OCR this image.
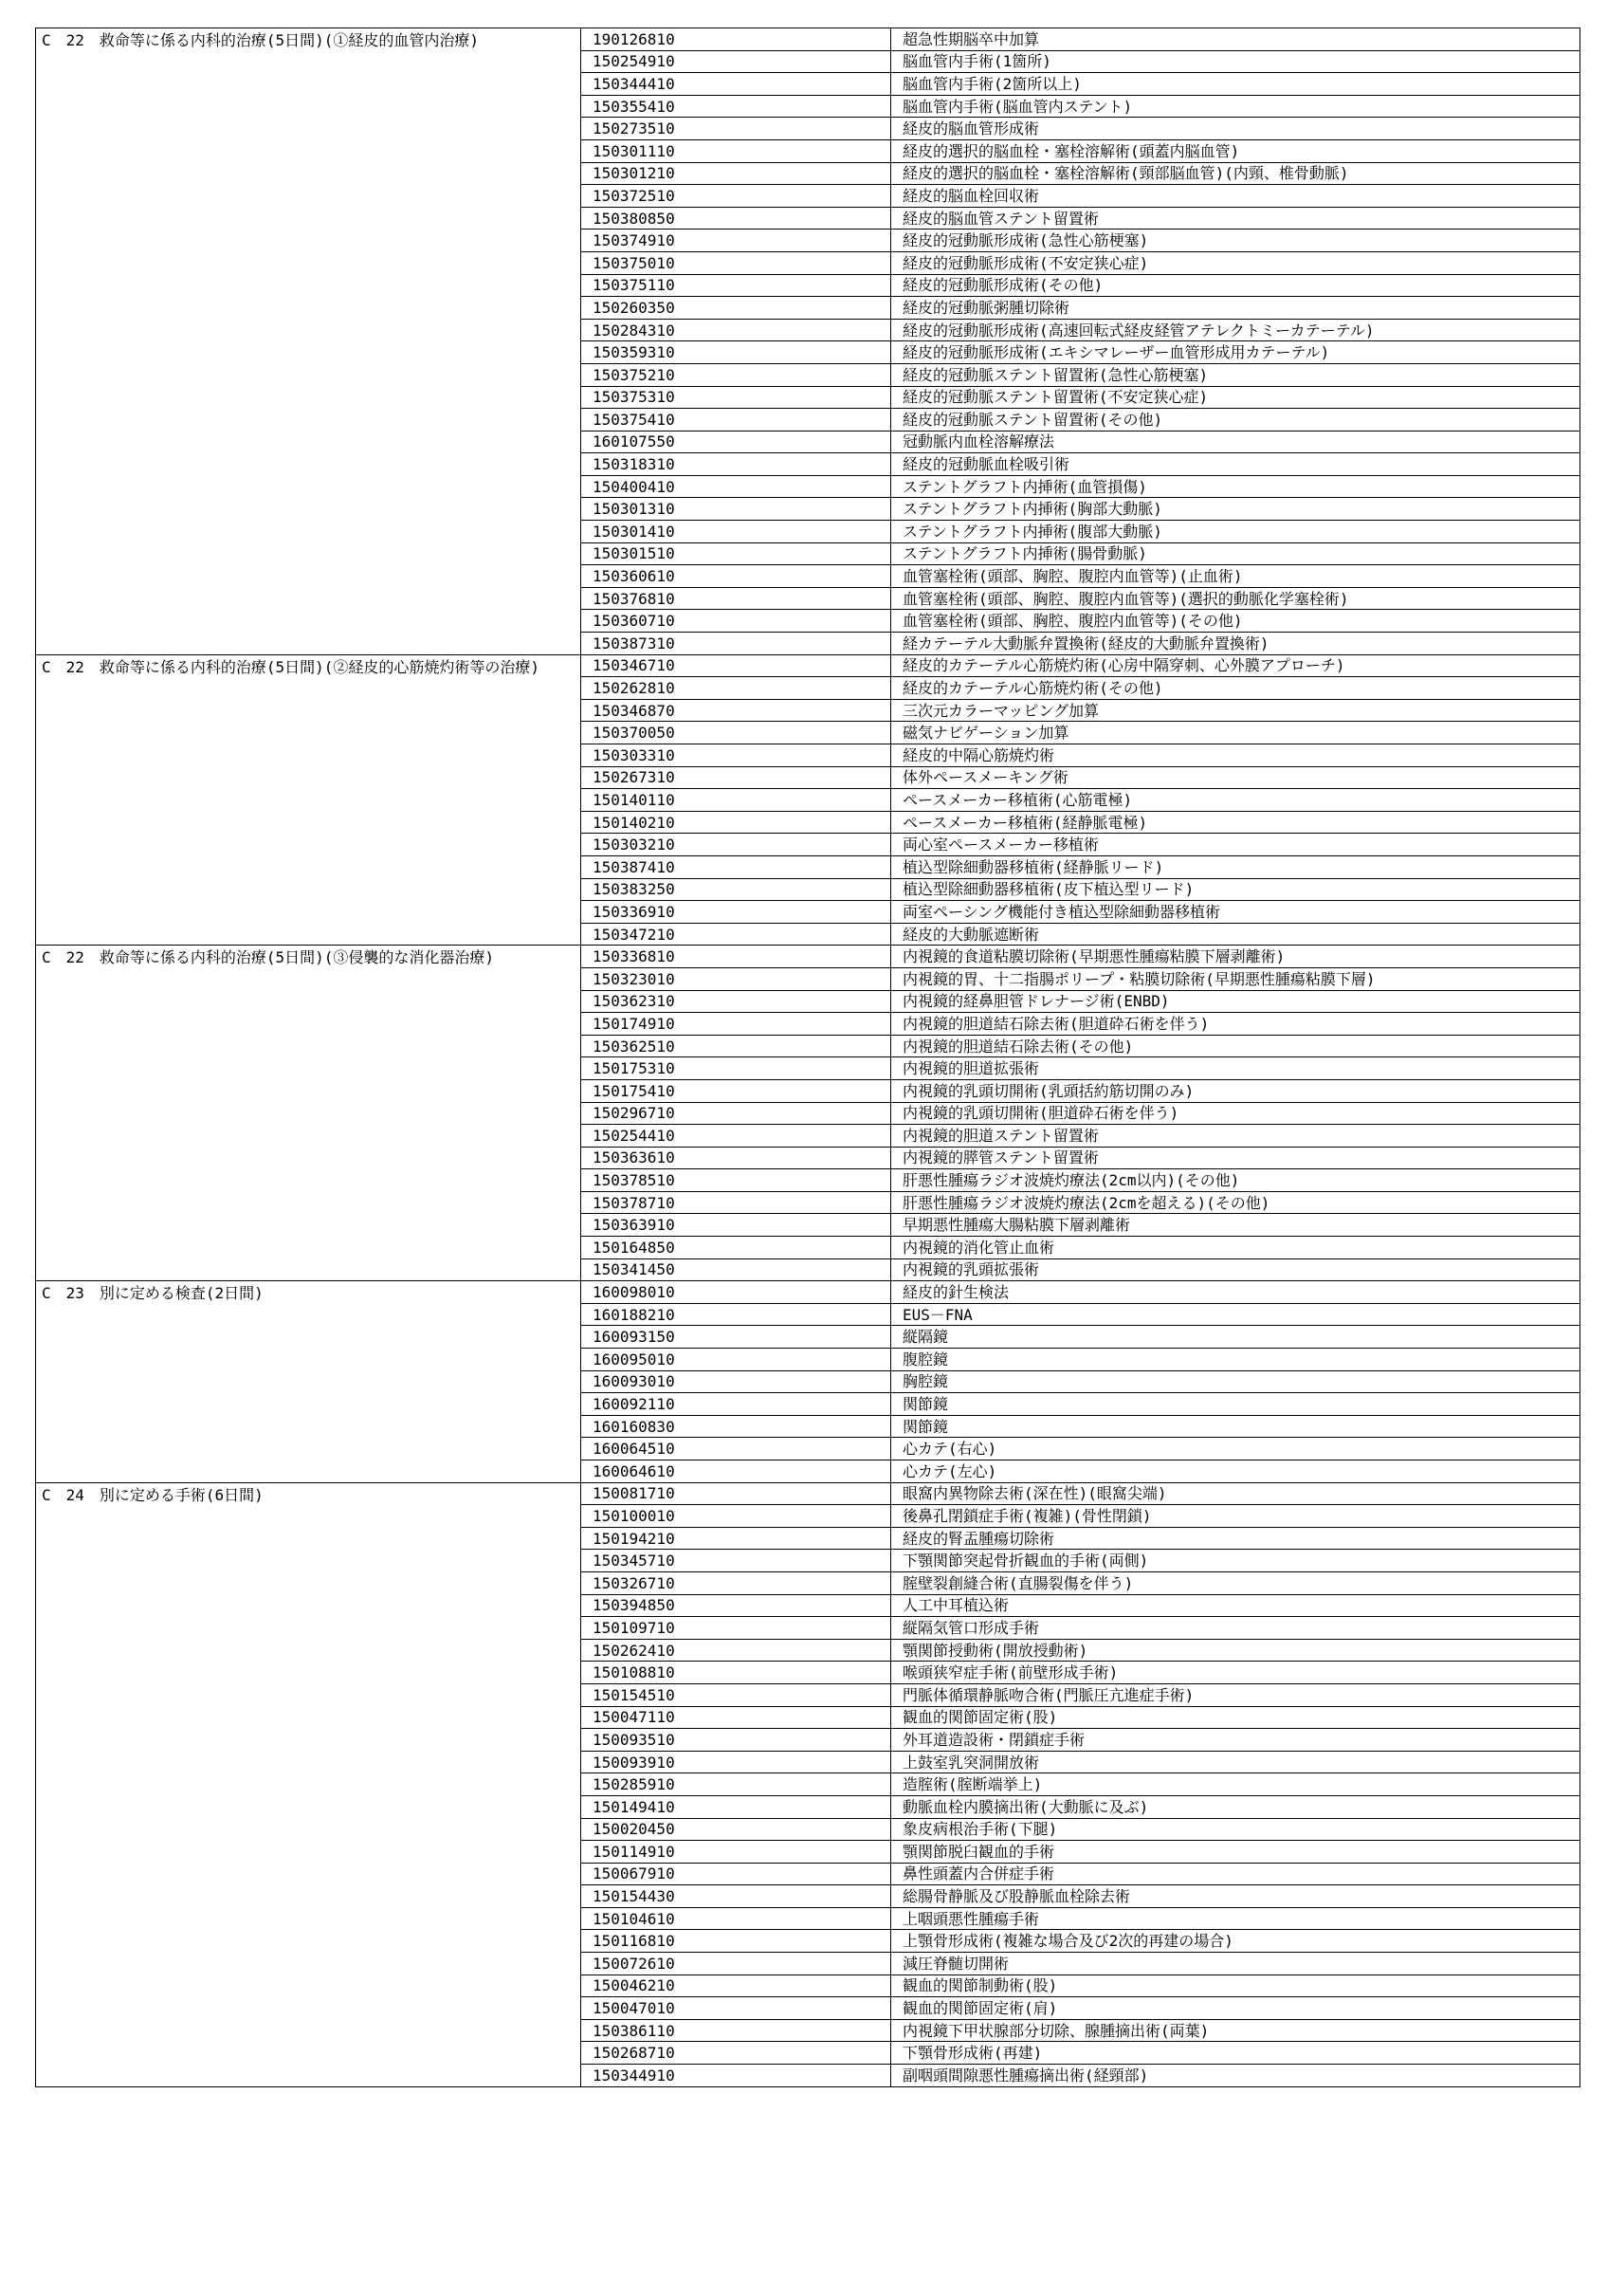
C　22　救命等に係る内科的治療(5日間)(①経皮的血管内治療)	190126810	超急性期脳卒中加算
	150254910	脳血管内手術(1箇所)
	150344410	脳血管内手術(2箇所以上)
	150355410	脳血管内手術(脳血管内ステント)
	150273510	経皮的脳血管形成術
	150301110	経皮的選択的脳血栓・塞栓溶解術(頭蓋内脳血管)
	150301210	経皮的選択的脳血栓・塞栓溶解術(頸部脳血管)(内頸、椎骨動脈)
	150372510	経皮的脳血栓回収術
	150380850	経皮的脳血管ステント留置術
	150374910	経皮的冠動脈形成術(急性心筋梗塞)
	150375010	経皮的冠動脈形成術(不安定狭心症)
	150375110	経皮的冠動脈形成術(その他)
	150260350	経皮的冠動脈粥腫切除術
	150284310	経皮的冠動脈形成術(高速回転式経皮経管アテレクトミーカテーテル)
	150359310	経皮的冠動脈形成術(エキシマレーザー血管形成用カテーテル)
	150375210	経皮的冠動脈ステント留置術(急性心筋梗塞)
	150375310	経皮的冠動脈ステント留置術(不安定狭心症)
	150375410	経皮的冠動脈ステント留置術(その他)
	160107550	冠動脈内血栓溶解療法
	150318310	経皮的冠動脈血栓吸引術
	150400410	ステントグラフト内挿術(血管損傷)
	150301310	ステントグラフト内挿術(胸部大動脈)
	150301410	ステントグラフト内挿術(腹部大動脈)
	150301510	ステントグラフト内挿術(腸骨動脈)
	150360610	血管塞栓術(頭部、胸腔、腹腔内血管等)(止血術)
	150376810	血管塞栓術(頭部、胸腔、腹腔内血管等)(選択的動脈化学塞栓術)
	150360710	血管塞栓術(頭部、胸腔、腹腔内血管等)(その他)
	150387310	経カテーテル大動脈弁置換術(経皮的大動脈弁置換術)
C　22　救命等に係る内科的治療(5日間)(②経皮的心筋焼灼術等の治療)	150346710	経皮的カテーテル心筋焼灼術(心房中隔穿刺、心外膜アプローチ)
	150262810	経皮的カテーテル心筋焼灼術(その他)
	150346870	三次元カラーマッピング加算
	150370050	磁気ナビゲーション加算
	150303310	経皮的中隔心筋焼灼術
	150267310	体外ペースメーキング術
	150140110	ペースメーカー移植術(心筋電極)
	150140210	ペースメーカー移植術(経静脈電極)
	150303210	両心室ペースメーカー移植術
	150387410	植込型除細動器移植術(経静脈リード)
	150383250	植込型除細動器移植術(皮下植込型リード)
	150336910	両室ペーシング機能付き植込型除細動器移植術
	150347210	経皮的大動脈遮断術
C　22　救命等に係る内科的治療(5日間)(③侵襲的な消化器治療)	150336810	内視鏡的食道粘膜切除術(早期悪性腫瘍粘膜下層剥離術)
	150323010	内視鏡的胃、十二指腸ポリープ・粘膜切除術(早期悪性腫瘍粘膜下層)
	150362310	内視鏡的経鼻胆管ドレナージ術(ENBD)
	150174910	内視鏡的胆道結石除去術(胆道砕石術を伴う)
	150362510	内視鏡的胆道結石除去術(その他)
	150175310	内視鏡的胆道拡張術
	150175410	内視鏡的乳頭切開術(乳頭括約筋切開のみ)
	150296710	内視鏡的乳頭切開術(胆道砕石術を伴う)
	150254410	内視鏡的胆道ステント留置術
	150363610	内視鏡的膵管ステント留置術
	150378510	肝悪性腫瘍ラジオ波焼灼療法(2cm以内)(その他)
	150378710	肝悪性腫瘍ラジオ波焼灼療法(2cmを超える)(その他)
	150363910	早期悪性腫瘍大腸粘膜下層剥離術
	150164850	内視鏡的消化管止血術
	150341450	内視鏡的乳頭拡張術
C　23　別に定める検査(2日間)	160098010	経皮的針生検法
	160188210	EUS－FNA
	160093150	縦隔鏡
	160095010	腹腔鏡
	160093010	胸腔鏡
	160092110	関節鏡
	160160830	関節鏡
	160064510	心カテ(右心)
	160064610	心カテ(左心)
C　24　別に定める手術(6日間)	150081710	眼窩内異物除去術(深在性)(眼窩尖端)
	150100010	後鼻孔閉鎖症手術(複雑)(骨性閉鎖)
	150194210	経皮的腎盂腫瘍切除術
	150345710	下顎関節突起骨折観血的手術(両側)
	150326710	腟壁裂創縫合術(直腸裂傷を伴う)
	150394850	人工中耳植込術
	150109710	縦隔気管口形成手術
	150262410	顎関節授動術(開放授動術)
	150108810	喉頭狭窄症手術(前壁形成手術)
	150154510	門脈体循環静脈吻合術(門脈圧亢進症手術)
	150047110	観血的関節固定術(股)
	150093510	外耳道造設術・閉鎖症手術
	150093910	上鼓室乳突洞開放術
	150285910	造腟術(腟断端挙上)
	150149410	動脈血栓内膜摘出術(大動脈に及ぶ)
	150020450	象皮病根治手術(下腿)
	150114910	顎関節脱臼観血的手術
	150067910	鼻性頭蓋内合併症手術
	150154430	総腸骨静脈及び股静脈血栓除去術
	150104610	上咽頭悪性腫瘍手術
	150116810	上顎骨形成術(複雑な場合及び2次的再建の場合)
	150072610	減圧脊髄切開術
	150046210	観血的関節制動術(股)
	150047010	観血的関節固定術(肩)
	150386110	内視鏡下甲状腺部分切除、腺腫摘出術(両葉)
	150268710	下顎骨形成術(再建)
	150344910	副咽頭間隙悪性腫瘍摘出術(経頸部)
